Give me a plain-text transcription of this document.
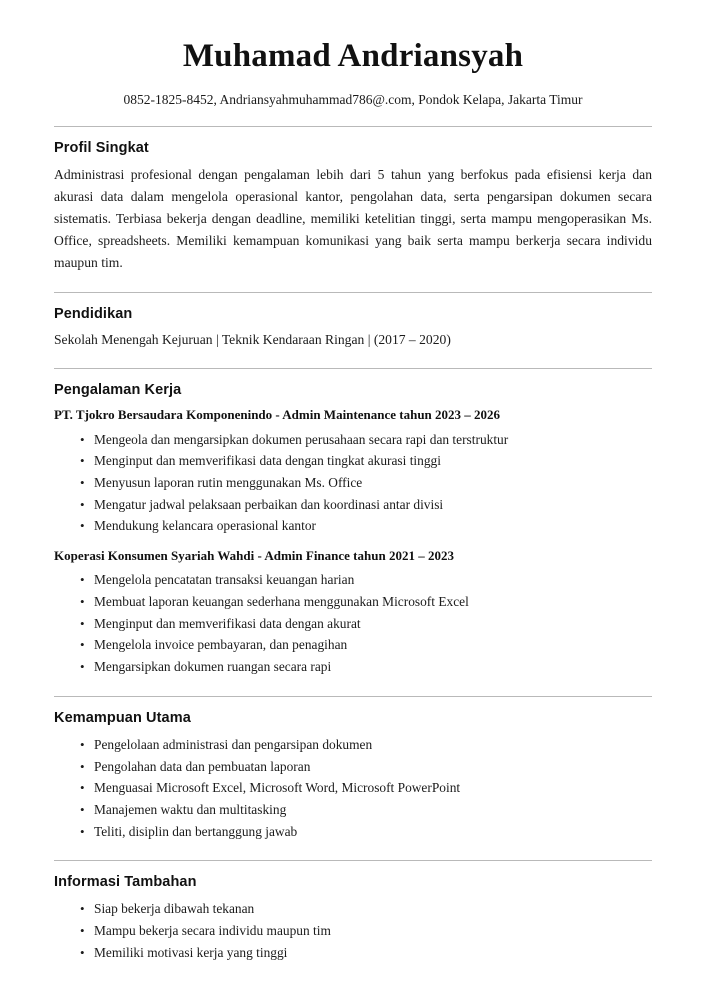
Muhamad Andriansyah
0852-1825-8452, Andriansyahmuhammad786@.com, Pondok Kelapa, Jakarta Timur
Profil Singkat

Administrasi profesional dengan pengalaman lebih dari 5 tahun yang berfokus pada efisiensi kerja dan akurasi data dalam mengelola operasional kantor, pengolahan data, serta pengarsipan dokumen secara sistematis. Terbiasa bekerja dengan deadline, memiliki ketelitian tinggi, serta mampu mengoperasikan Ms. Office, spreadsheets. Memiliki kemampuan komunikasi yang baik serta mampu berkerja secara individu maupun tim.

Pendidikan

Sekolah Menengah Kejuruan | Teknik Kendaraan Ringan | (2017 – 2020)

Pengalaman Kerja
PT. Tjokro Bersaudara Komponenindo - Admin Maintenance tahun 2023 – 2026
• Mengeola dan mengarsipkan dokumen perusahaan secara rapi dan terstruktur
• Menginput dan memverifikasi data dengan tingkat akurasi tinggi
• Menyusun laporan rutin menggunakan Ms. Office
• Mengatur jadwal pelaksaan perbaikan dan koordinasi antar divisi
• Mendukung kelancara operasional kantor
Koperasi Konsumen Syariah Wahdi - Admin Finance tahun 2021 – 2023
• Mengelola pencatatan transaksi keuangan harian
• Membuat laporan keuangan sederhana menggunakan Microsoft Excel
• Menginput dan memverifikasi data dengan akurat
• Mengelola invoice pembayaran, dan penagihan
• Mengarsipkan dokumen ruangan secara rapi
Kemampuan Utama
• Pengelolaan administrasi dan pengarsipan dokumen
• Pengolahan data dan pembuatan laporan
• Menguasai Microsoft Excel, Microsoft Word, Microsoft PowerPoint
• Manajemen waktu dan multitasking
• Teliti, disiplin dan bertanggung jawab
Informasi Tambahan
• Siap bekerja dibawah tekanan
• Mampu bekerja secara individu maupun tim
• Memiliki motivasi kerja yang tinggi
